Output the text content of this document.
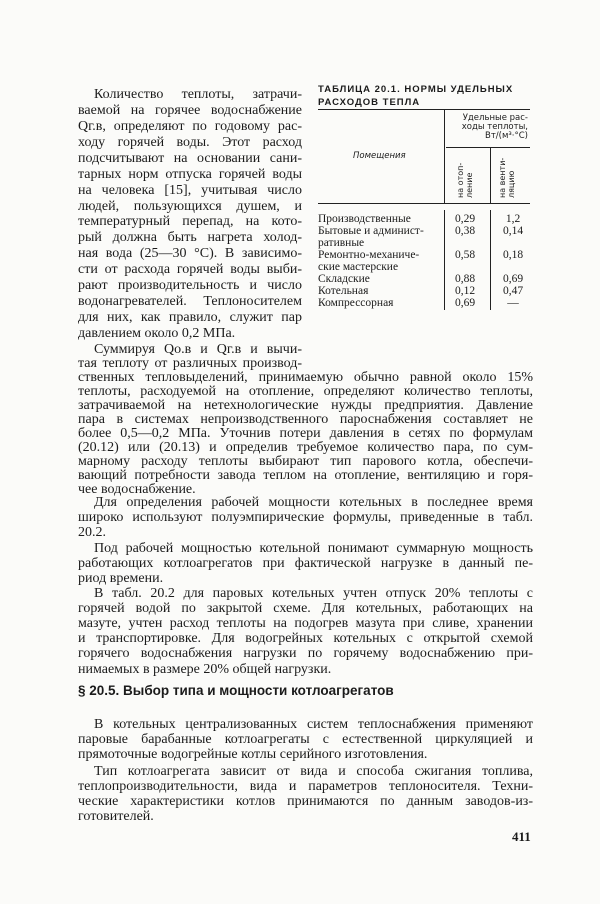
Количество теплоты, затрачи-
ваемой на горячее водоснабжение
Qг.в, определяют по годовому рас-
ходу горячей воды. Этот расход
подсчитывают на основании сани-
тарных норм отпуска горячей воды
на человека [15], учитывая число
людей, пользующихся душем, и
температурный перепад, на кото-
рый должна быть нагрета холод-
ная вода (25—30 °С). В зависимо-
сти от расхода горячей воды выби-
рают производительность и число
водонагревателей. Теплоносителем
для них, как правило, служит пар
давлением около 0,2 МПа.
Суммируя Qо.в и Qг.в и вычи-
тая теплоту от различных производ-
ственных тепловыделений, принимаемую обычно равной около 15%
теплоты, расходуемой на отопление, определяют количество теплоты,
затрачиваемой на нетехнологические нужды предприятия. Давление
пара в системах непроизводственного пароснабжения составляет не
более 0,5—0,2 МПа. Уточнив потери давления в сетях по формулам
(20.12) или (20.13) и определив требуемое количество пара, по сум-
марному расходу теплоты выбирают тип парового котла, обеспечи-
вающий потребности завода теплом на отопление, вентиляцию и горя-
чее водоснабжение.
Для определения рабочей мощности котельных в последнее время
широко используют полуэмпирические формулы, приведенные в табл.
20.2.
Под рабочей мощностью котельной понимают суммарную мощность
работающих котлоагрегатов при фактической нагрузке в данный пе-
риод времени.
В табл. 20.2 для паровых котельных учтен отпуск 20% теплоты с
горячей водой по закрытой схеме. Для котельных, работающих на
мазуте, учтен расход теплоты на подогрев мазута при сливе, хранении
и транспортировке. Для водогрейных котельных с открытой схемой
горячего водоснабжения нагрузки по горячему водоснабжению при-
нимаемых в размере 20% общей нагрузки.
В котельных централизованных систем теплоснабжения применяют
паровые барабанные котлоагрегаты с естественной циркуляцией и
прямоточные водогрейные котлы серийного изготовления.
Тип котлоагрегата зависит от вида и способа сжигания топлива,
теплопроизводительности, вида и параметров теплоносителя. Техни-
ческие характеристики котлов принимаются по данным заводов-из-
готовителей.
§ 20.5. Выбор типа и мощности котлоагрегатов
411
ТАБЛИЦА 20.1. НОРМЫ УДЕЛЬНЫХ
РАСХОДОВ ТЕПЛА
Помещения
Удельные рас-
ходы теплоты,
Вт/(м³·°С)
на отоп- ление	на венти- ляцию
Производственные	0,29	1,2
Бытовые и админист-
ративные
0,38 0,14
Ремонтно-механиче-
ские мастерские
0,58 0,18
Складские	0,88 0,69
Котельная	0,12 0,47
Компрессорная	0,69	—
